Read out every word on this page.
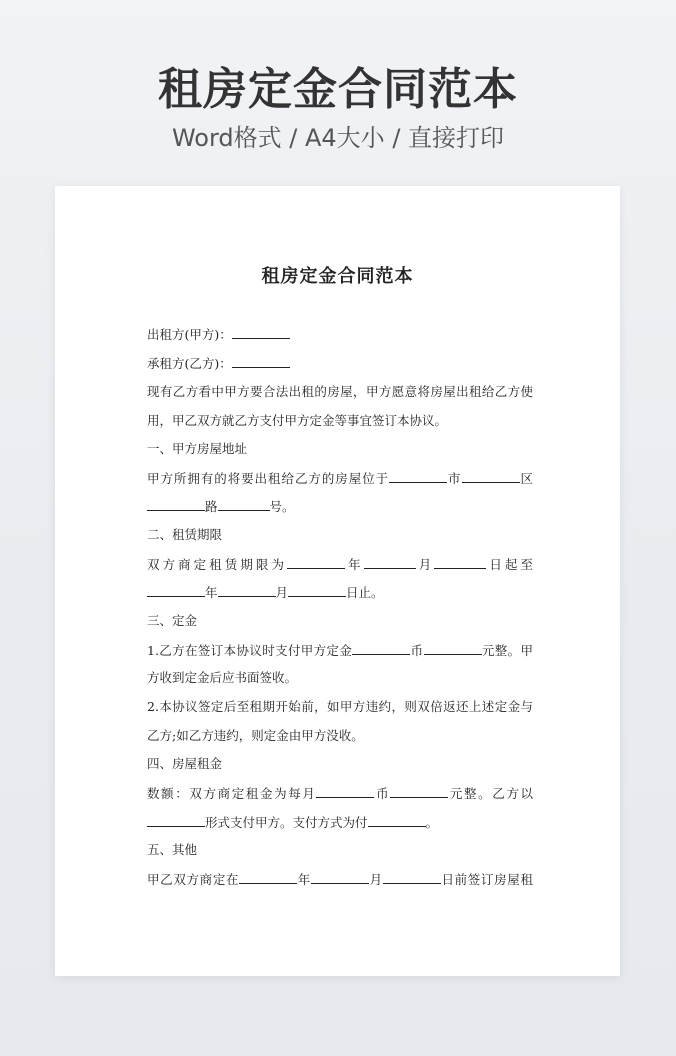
租房定金合同范本
Word格式 / A4大小 / 直接打印
租房定金合同范本
出租方(甲方)：
承租方(乙方)：
现有乙方看中甲方要合法出租的房屋，甲方愿意将房屋出租给乙方使
用，甲乙双方就乙方支付甲方定金等事宜签订本协议。
一、甲方房屋地址
甲方所拥有的将要出租给乙方的房屋位于	市	区
路	号。
二、租赁期限
双方商定租赁期限为	年	月	日起至
年	月	日止。
三、定金
1.乙方在签订本协议时支付甲方定金	币	元整。甲
方收到定金后应书面签收。
2.本协议签定后至租期开始前，如甲方违约，则双倍返还上述定金与
乙方;如乙方违约，则定金由甲方没收。
四、房屋租金
数额：双方商定租金为每月	币	元整。乙方以
形式支付甲方。支付方式为付	。
五、其他
甲乙双方商定在	年	月	日前签订房屋租
